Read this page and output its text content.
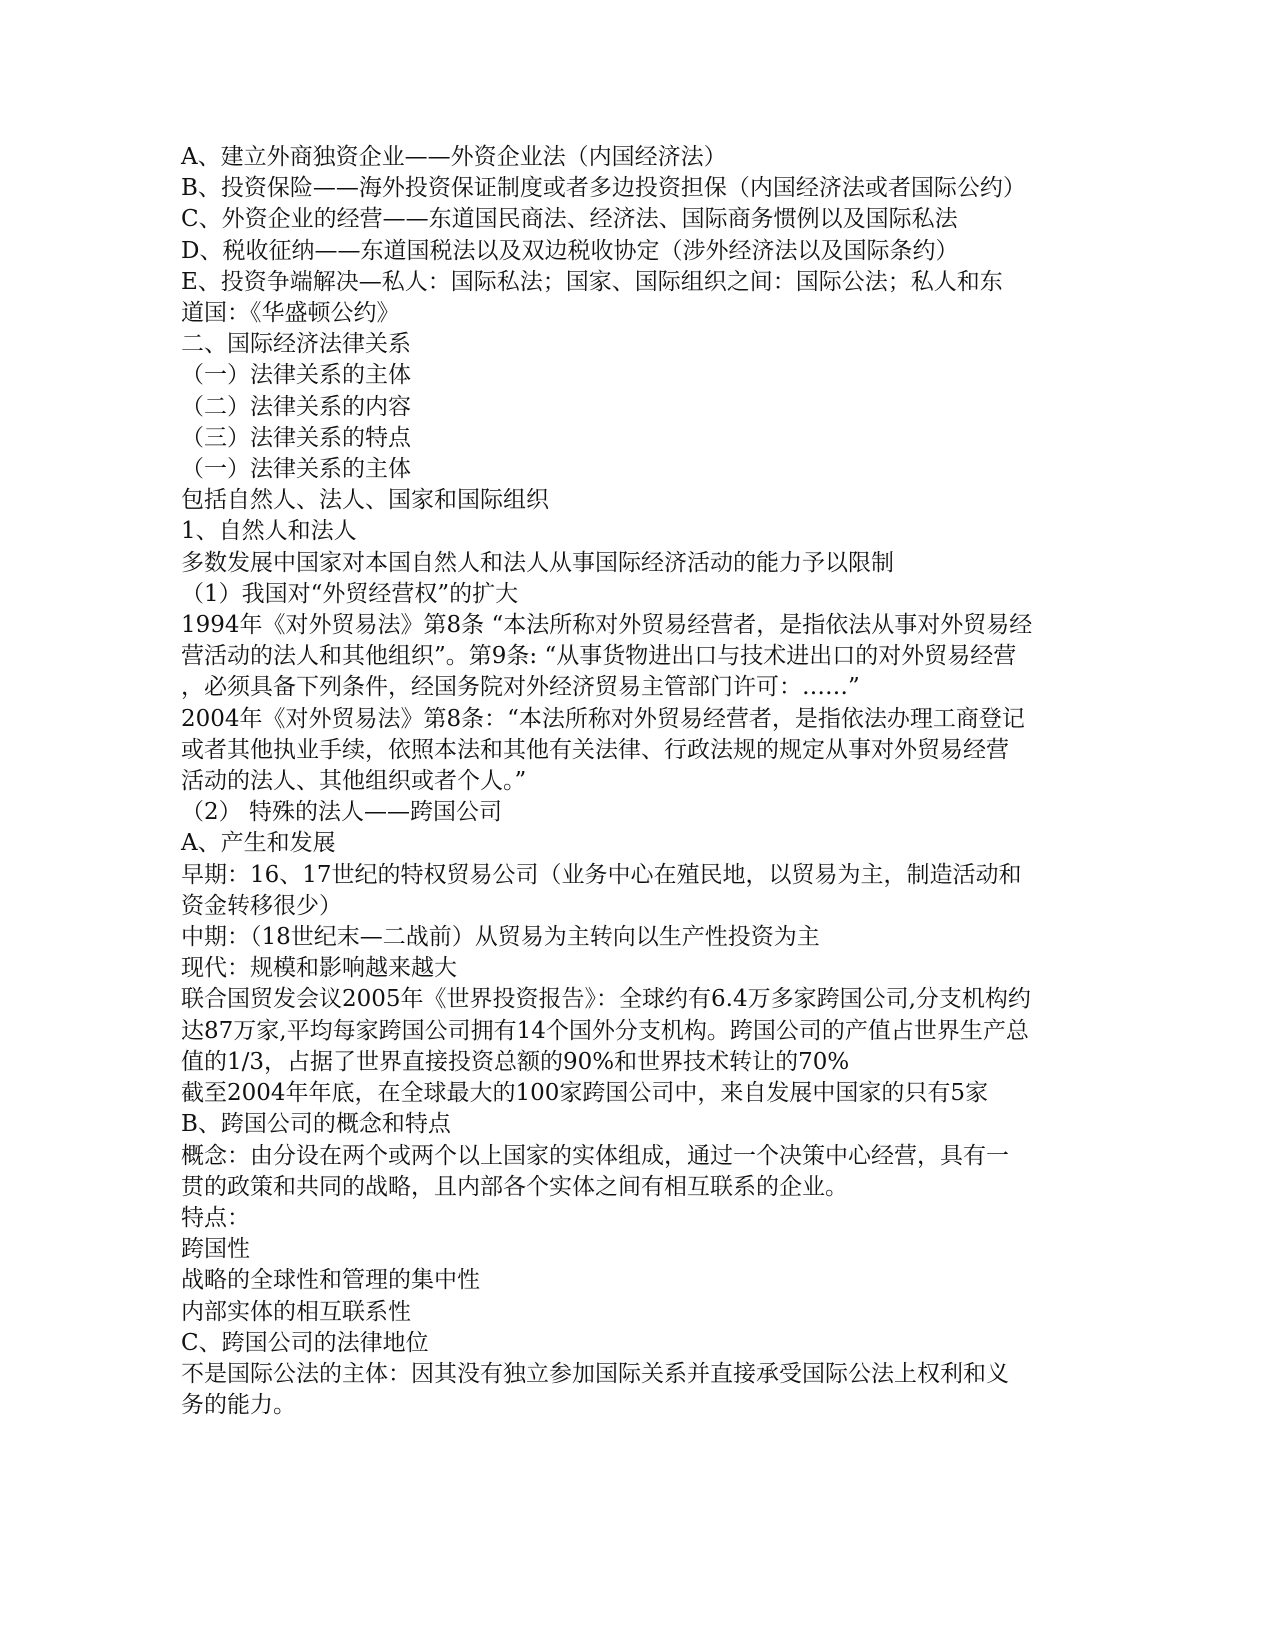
A、建立外商独资企业——外资企业法（内国经济法）
B、投资保险——海外投资保证制度或者多边投资担保（内国经济法或者国际公约）
C、外资企业的经营——东道国民商法、经济法、国际商务惯例以及国际私法
D、税收征纳——东道国税法以及双边税收协定（涉外经济法以及国际条约）
E、投资争端解决—私人：国际私法；国家、国际组织之间：国际公法；私人和东
道国：《华盛顿公约》
二、国际经济法律关系
（一）法律关系的主体
（二）法律关系的内容
（三）法律关系的特点
（一）法律关系的主体
包括自然人、法人、国家和国际组织
1、自然人和法人
多数发展中国家对本国自然人和法人从事国际经济活动的能力予以限制
（1）我国对“外贸经营权”的扩大
1994年《对外贸易法》第8条 “本法所称对外贸易经营者，是指依法从事对外贸易经
营活动的法人和其他组织”。第9条: “从事货物进出口与技术进出口的对外贸易经营
，必须具备下列条件，经国务院对外经济贸易主管部门许可：……”
2004年《对外贸易法》第8条：“本法所称对外贸易经营者，是指依法办理工商登记
或者其他执业手续，依照本法和其他有关法律、行政法规的规定从事对外贸易经营
活动的法人、其他组织或者个人。”
（2） 特殊的法人——跨国公司
A、产生和发展
早期：16、17世纪的特权贸易公司（业务中心在殖民地，以贸易为主，制造活动和
资金转移很少）
中期：（18世纪末—二战前）从贸易为主转向以生产性投资为主
现代：规模和影响越来越大
联合国贸发会议2005年《世界投资报告》：全球约有6.4万多家跨国公司,分支机构约
达87万家,平均每家跨国公司拥有14个国外分支机构。跨国公司的产值占世界生产总
值的1/3，占据了世界直接投资总额的90%和世界技术转让的70%
截至2004年年底，在全球最大的100家跨国公司中，来自发展中国家的只有5家
B、跨国公司的概念和特点
概念：由分设在两个或两个以上国家的实体组成，通过一个决策中心经营，具有一
贯的政策和共同的战略，且内部各个实体之间有相互联系的企业。
特点：
跨国性
战略的全球性和管理的集中性
内部实体的相互联系性
C、跨国公司的法律地位
不是国际公法的主体：因其没有独立参加国际关系并直接承受国际公法上权利和义
务的能力。
